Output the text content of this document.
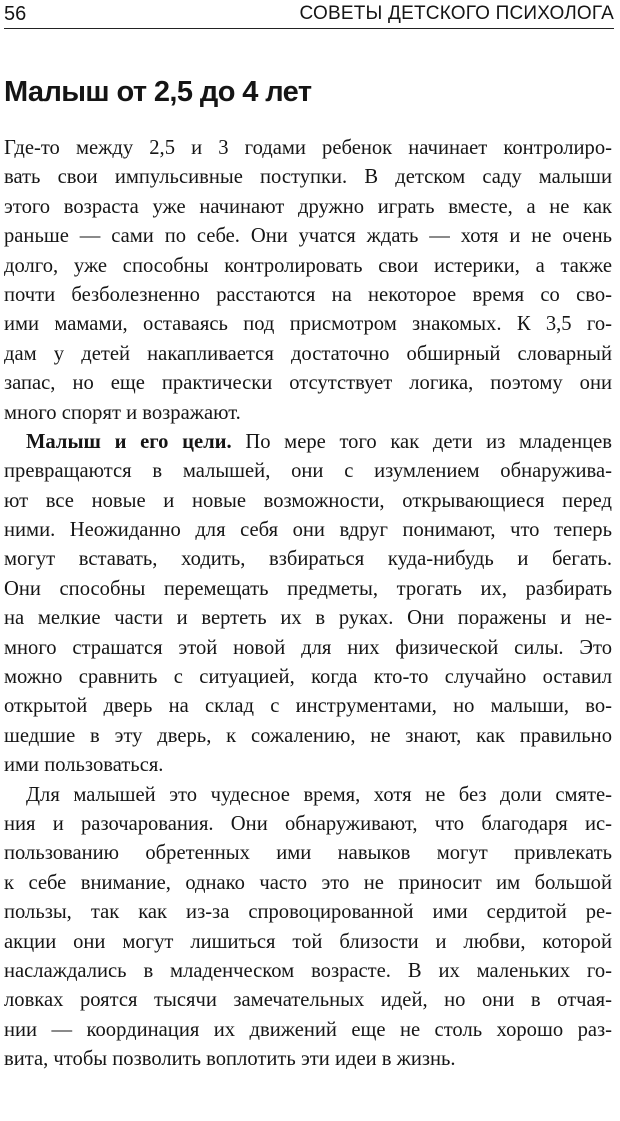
56	СОВЕТЫ ДЕТСКОГО ПСИХОЛОГА
Малыш от 2,5 до 4 лет
Где-то между 2,5 и 3 годами ребенок начинает контролиро-
вать свои импульсивные поступки. В детском саду малыши
этого возраста уже начинают дружно играть вместе, а не как
раньше — сами по себе. Они учатся ждать — хотя и не очень
долго, уже способны контролировать свои истерики, а также
почти безболезненно расстаются на некоторое время со сво-
ими мамами, оставаясь под присмотром знакомых. К 3,5 го-
дам у детей накапливается достаточно обширный словарный
запас, но еще практически отсутствует логика, поэтому они
много спорят и возражают.
Малыш и его цели. По мере того как дети из младенцев
превращаются в малышей, они с изумлением обнаружива-
ют все новые и новые возможности, открывающиеся перед
ними. Неожиданно для себя они вдруг понимают, что теперь
могут вставать, ходить, взбираться куда-нибудь и бегать.
Они способны перемещать предметы, трогать их, разбирать
на мелкие части и вертеть их в руках. Они поражены и не-
много страшатся этой новой для них физической силы. Это
можно сравнить с ситуацией, когда кто-то случайно оставил
открытой дверь на склад с инструментами, но малыши, во-
шедшие в эту дверь, к сожалению, не знают, как правильно
ими пользоваться.
Для малышей это чудесное время, хотя не без доли смяте-
ния и разочарования. Они обнаруживают, что благодаря ис-
пользованию обретенных ими навыков могут привлекать
к себе внимание, однако часто это не приносит им большой
пользы, так как из-за спровоцированной ими сердитой ре-
акции они могут лишиться той близости и любви, которой
наслаждались в младенческом возрасте. В их маленьких го-
ловках роятся тысячи замечательных идей, но они в отчая-
нии — координация их движений еще не столь хорошо раз-
вита, чтобы позволить воплотить эти идеи в жизнь.
